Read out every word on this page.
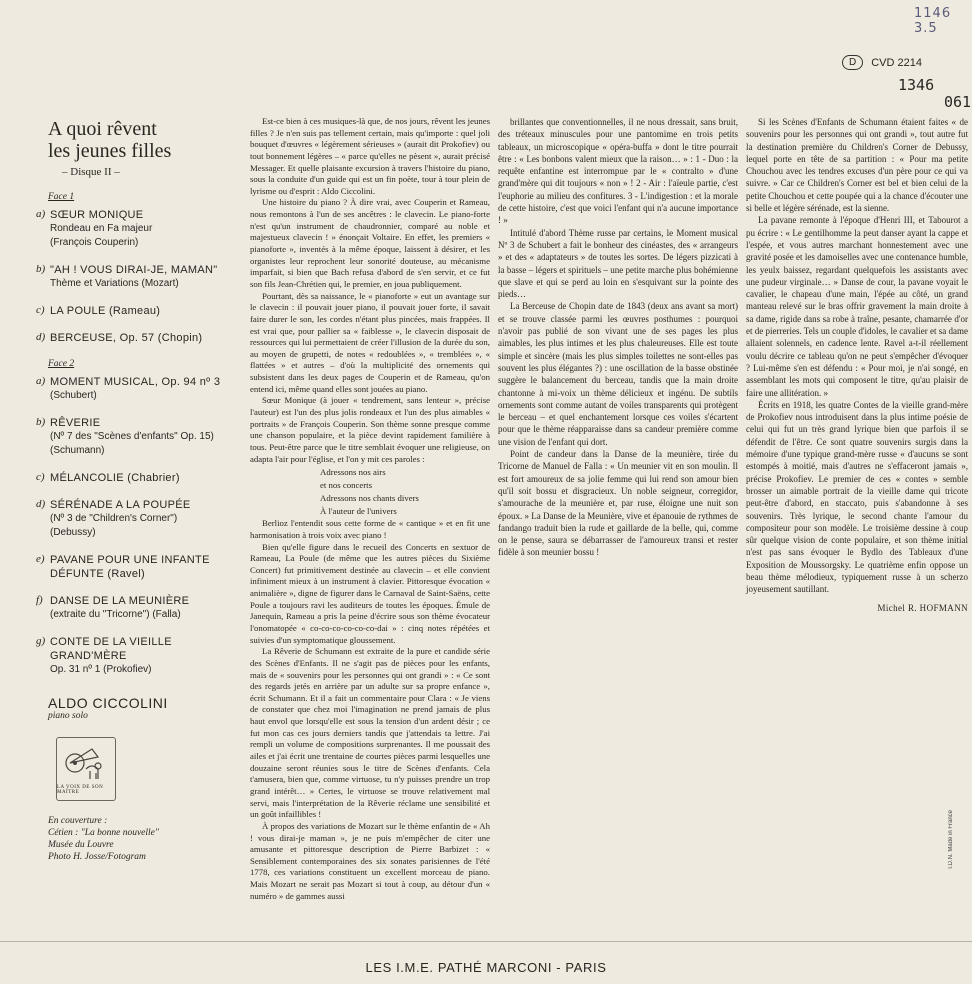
1146 3.5
D	CVD 2214
1346
061
A quoi rêvent
les jeunes filles
– Disque II –
Face 1
a) SŒUR MONIQUE
Rondeau en Fa majeur
(François Couperin)
b) "AH ! VOUS DIRAI-JE, MAMAN"
Thème et Variations (Mozart)
c) LA POULE (Rameau)
d) BERCEUSE, Op. 57 (Chopin)
Face 2
a) MOMENT MUSICAL, Op. 94 nº 3
(Schubert)
b) RÊVERIE
(Nº 7 des "Scènes d'enfants" Op. 15)
(Schumann)
c) MÉLANCOLIE (Chabrier)
d) SÉRÉNADE A LA POUPÉE
(Nº 3 de "Children's Corner")
(Debussy)
e) PAVANE POUR UNE INFANTE DÉFUNTE (Ravel)
f) DANSE DE LA MEUNIÈRE
(extraite du "Tricorne") (Falla)
g) CONTE DE LA VIEILLE GRAND'MÈRE
Op. 31 nº 1 (Prokofiev)
ALDO CICCOLINI
piano solo
LA VOIX DE SON MAÎTRE
En couverture :
Cétien : "La bonne nouvelle"
Musée du Louvre
Photo H. Josse/Fotogram

Est-ce bien à ces musiques-là que, de nos jours, rêvent les jeunes filles ? Je n'en suis pas tellement certain, mais qu'importe : quel joli bouquet d'œuvres « légèrement sérieuses » (aurait dit Prokofiev) ou tout bonnement légères – « parce qu'elles ne pèsent », aurait précisé Messager. Et quelle plaisante excursion à travers l'histoire du piano, sous la conduite d'un guide qui est un fin poète, tour à tour plein de lyrisme ou d'esprit : Aldo Ciccolini.

Une histoire du piano ? À dire vrai, avec Couperin et Rameau, nous remontons à l'un de ses ancêtres : le clavecin. Le piano-forte n'est qu'un instrument de chaudronnier, comparé au noble et majestueux clavecin ! » énonçait Voltaire. En effet, les premiers « pianoforte », inventés à la même époque, laissent à désirer, et les organistes leur reprochent leur sonorité douteuse, au mécanisme imparfait, si bien que Bach refusa d'abord de s'en servir, et ce fut son fils Jean-Chrétien qui, le premier, en joua publiquement.

Pourtant, dès sa naissance, le « pianoforte » eut un avantage sur le clavecin : il pouvait jouer piano, il pouvait jouer forte, il savait faire durer le son, les cordes n'étant plus pincées, mais frappées. Il est vrai que, pour pallier sa « faiblesse », le clavecin disposait de ressources qui lui permettaient de créer l'illusion de la durée du son, au moyen de grupetti, de notes « redoublées », « tremblées », « flattées » et autres – d'où la multiplicité des ornements qui subsistent dans les deux pages de Couperin et de Rameau, qu'on entend ici, même quand elles sont jouées au piano.

Sœur Monique (à jouer « tendrement, sans lenteur », précise l'auteur) est l'un des plus jolis rondeaux et l'un des plus aimables « portraits » de François Couperin. Son thème sonne presque comme une chanson populaire, et la pièce devint rapidement familière à tous. Peut-être parce que le titre semblait évoquer une religieuse, on adapta l'air pour l'église, et l'on y mit ces paroles :

Adressons nos airs
et nos concerts
Adressons nos chants divers
À l'auteur de l'univers

Berlioz l'entendit sous cette forme de « cantique » et en fit une harmonisation à trois voix avec piano !

Bien qu'elle figure dans le recueil des Concerts en sextuor de Rameau, La Poule (de même que les autres pièces du Sixième Concert) fut primitivement destinée au clavecin – et elle convient infiniment mieux à un instrument à clavier. Pittoresque évocation « animalière », digne de figurer dans le Carnaval de Saint-Saëns, cette Poule a toujours ravi les auditeurs de toutes les époques. Émule de Janequin, Rameau a pris la peine d'écrire sous son thème évocateur l'onomatopée « co-co-co-co-co-co-dai » : cinq notes répétées et suivies d'un symptomatique gloussement.

La Rêverie de Schumann est extraite de la pure et candide série des Scènes d'Enfants. Il ne s'agit pas de pièces pour les enfants, mais de « souvenirs pour les personnes qui ont grandi » : « Ce sont des regards jetés en arrière par un adulte sur sa propre enfance », écrit Schumann. Et il a fait un commentaire pour Clara : « Je viens de constater que chez moi l'imagination ne prend jamais de plus haut envol que lorsqu'elle est sous la tension d'un ardent désir ; ce fut mon cas ces jours derniers tandis que j'attendais ta lettre. J'ai rempli un volume de compositions surprenantes. Il me poussait des ailes et j'ai écrit une trentaine de courtes pièces parmi lesquelles une douzaine seront réunies sous le titre de Scènes d'enfants. Cela t'amusera, bien que, comme virtuose, tu n'y puisses prendre un trop grand intérêt… » Certes, le virtuose se trouve relativement mal servi, mais l'interprétation de la Rêverie réclame une sensibilité et un goût infaillibles !

À propos des variations de Mozart sur le thème enfantin de « Ah ! vous dirai-je maman », je ne puis m'empêcher de citer une amusante et pittoresque description de Pierre Barbizet : « Sensiblement contemporaines des six sonates parisiennes de l'été 1778, ces variations constituent un excellent morceau de piano. Mais Mozart ne serait pas Mozart si tout à coup, au détour d'un « numéro » de gammes aussi

brillantes que conventionnelles, il ne nous dressait, sans bruit, des tréteaux minuscules pour une pantomime en trois petits tableaux, un microscopique « opéra-buffa » dont le titre pourrait être : « Les bonbons valent mieux que la raison… » : 1 - Duo : la requête enfantine est interrompue par le « contralto » d'une grand'mère qui dit toujours « non » ! 2 - Air : l'aïeule partie, c'est l'euphorie au milieu des confitures. 3 - L'indigestion : et la morale de cette histoire, c'est que voici l'enfant qui n'a aucune importance ! »

Intitulé d'abord Thème russe par certains, le Moment musical Nº 3 de Schubert a fait le bonheur des cinéastes, des « arrangeurs » et des « adaptateurs » de toutes les sortes. De légers pizzicati à la basse – légers et spirituels – une petite marche plus bohémienne que slave et qui se perd au loin en s'esquivant sur la pointe des pieds…

La Berceuse de Chopin date de 1843 (deux ans avant sa mort) et se trouve classée parmi les œuvres posthumes : pourquoi n'avoir pas publié de son vivant une de ses pages les plus aimables, les plus intimes et les plus chaleureuses. Elle est toute simple et sincère (mais les plus simples toilettes ne sont-elles pas souvent les plus élégantes ?) : une oscillation de la basse obstinée suggère le balancement du berceau, tandis que la main droite chantonne à mi-voix un thème délicieux et ingénu. De subtils ornements sont comme autant de voiles transparents qui protègent le berceau – et quel enchantement lorsque ces voiles s'écartent pour que le thème réapparaisse dans sa candeur première comme une vision de l'enfant qui dort.

Point de candeur dans la Danse de la meunière, tirée du Tricorne de Manuel de Falla : « Un meunier vit en son moulin. Il est fort amoureux de sa jolie femme qui lui rend son amour bien qu'il soit bossu et disgracieux. Un noble seigneur, corregidor, s'amourache de la meunière et, par ruse, éloigne une nuit son époux. » La Danse de la Meunière, vive et épanouie de rythmes de fandango traduit bien la rude et gaillarde de la belle, qui, comme on le pense, saura se débarrasser de l'amoureux transi et rester fidèle à son meunier bossu !

Si les Scènes d'Enfants de Schumann étaient faites « de souvenirs pour les personnes qui ont grandi », tout autre fut la destination première du Children's Corner de Debussy, lequel porte en tête de sa partition : « Pour ma petite Chouchou avec les tendres excuses d'un père pour ce qui va suivre. » Car ce Children's Corner est bel et bien celui de la petite Chouchou et cette poupée qui a la chance d'écouter une si belle et légère sérénade, est la sienne.

La pavane remonte à l'époque d'Henri III, et Tabourot a pu écrire : « Le gentilhomme la peut danser ayant la cappe et l'espée, et vous autres marchant honnestement avec une gravité posée et les damoiselles avec une contenance humble, les yeulx baissez, regardant quelquefois les assistants avec une pudeur virginale… » Danse de cour, la pavane voyait le cavalier, le chapeau d'une main, l'épée au côté, un grand manteau relevé sur le bras offrir gravement la main droite à sa dame, rigide dans sa robe à traîne, pesante, chamarrée d'or et de pierreries. Tels un couple d'idoles, le cavalier et sa dame allaient solennels, en cadence lente. Ravel a-t-il réellement voulu décrire ce tableau qu'on ne peut s'empêcher d'évoquer ? Lui-même s'en est défendu : « Pour moi, je n'ai songé, en assemblant les mots qui composent le titre, qu'au plaisir de faire une allitération. »

Écrits en 1918, les quatre Contes de la vieille grand-mère de Prokofiev nous introduisent dans la plus intime poésie de celui qui fut un très grand lyrique bien que parfois il se défendit de l'être. Ce sont quatre souvenirs surgis dans la mémoire d'une typique grand-mère russe « d'aucuns se sont estompés à moitié, mais d'autres ne s'effaceront jamais », précise Prokofiev. Le premier de ces « contes » semble brosser un aimable portrait de la vieille dame qui tricote peut-être d'abord, en staccato, puis s'abandonne à ses souvenirs. Très lyrique, le second chante l'amour du compositeur pour son modèle. Le troisième dessine à coup sûr quelque vision de conte populaire, et son thème initial n'est pas sans évoquer le Bydlo des Tableaux d'une Exposition de Moussorgsky. Le quatrième enfin oppose un beau thème mélodieux, typiquement russe à un scherzo joyeusement sautillant.

Michel R. HOFMANN
I.D.N. Made in France
LES I.M.E. PATHÉ MARCONI - PARIS
